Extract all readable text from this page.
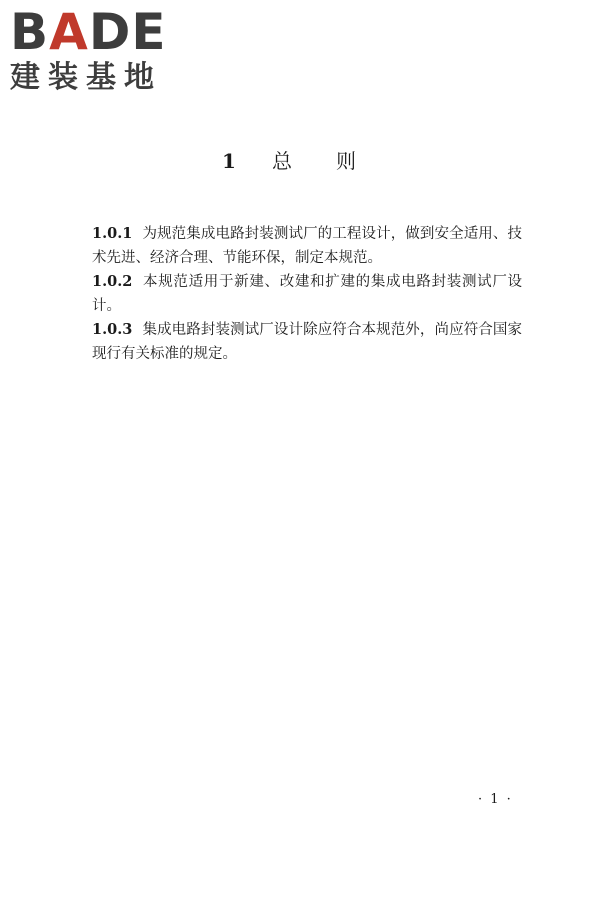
BADE
建装基地
1 总 则

1.0.1 为规范集成电路封装测试厂的工程设计，做到安全适用、技术先进、经济合理、节能环保，制定本规范。

1.0.2 本规范适用于新建、改建和扩建的集成电路封装测试厂设计。

1.0.3 集成电路封装测试厂设计除应符合本规范外，尚应符合国家现行有关标准的规定。

· 1 ·
